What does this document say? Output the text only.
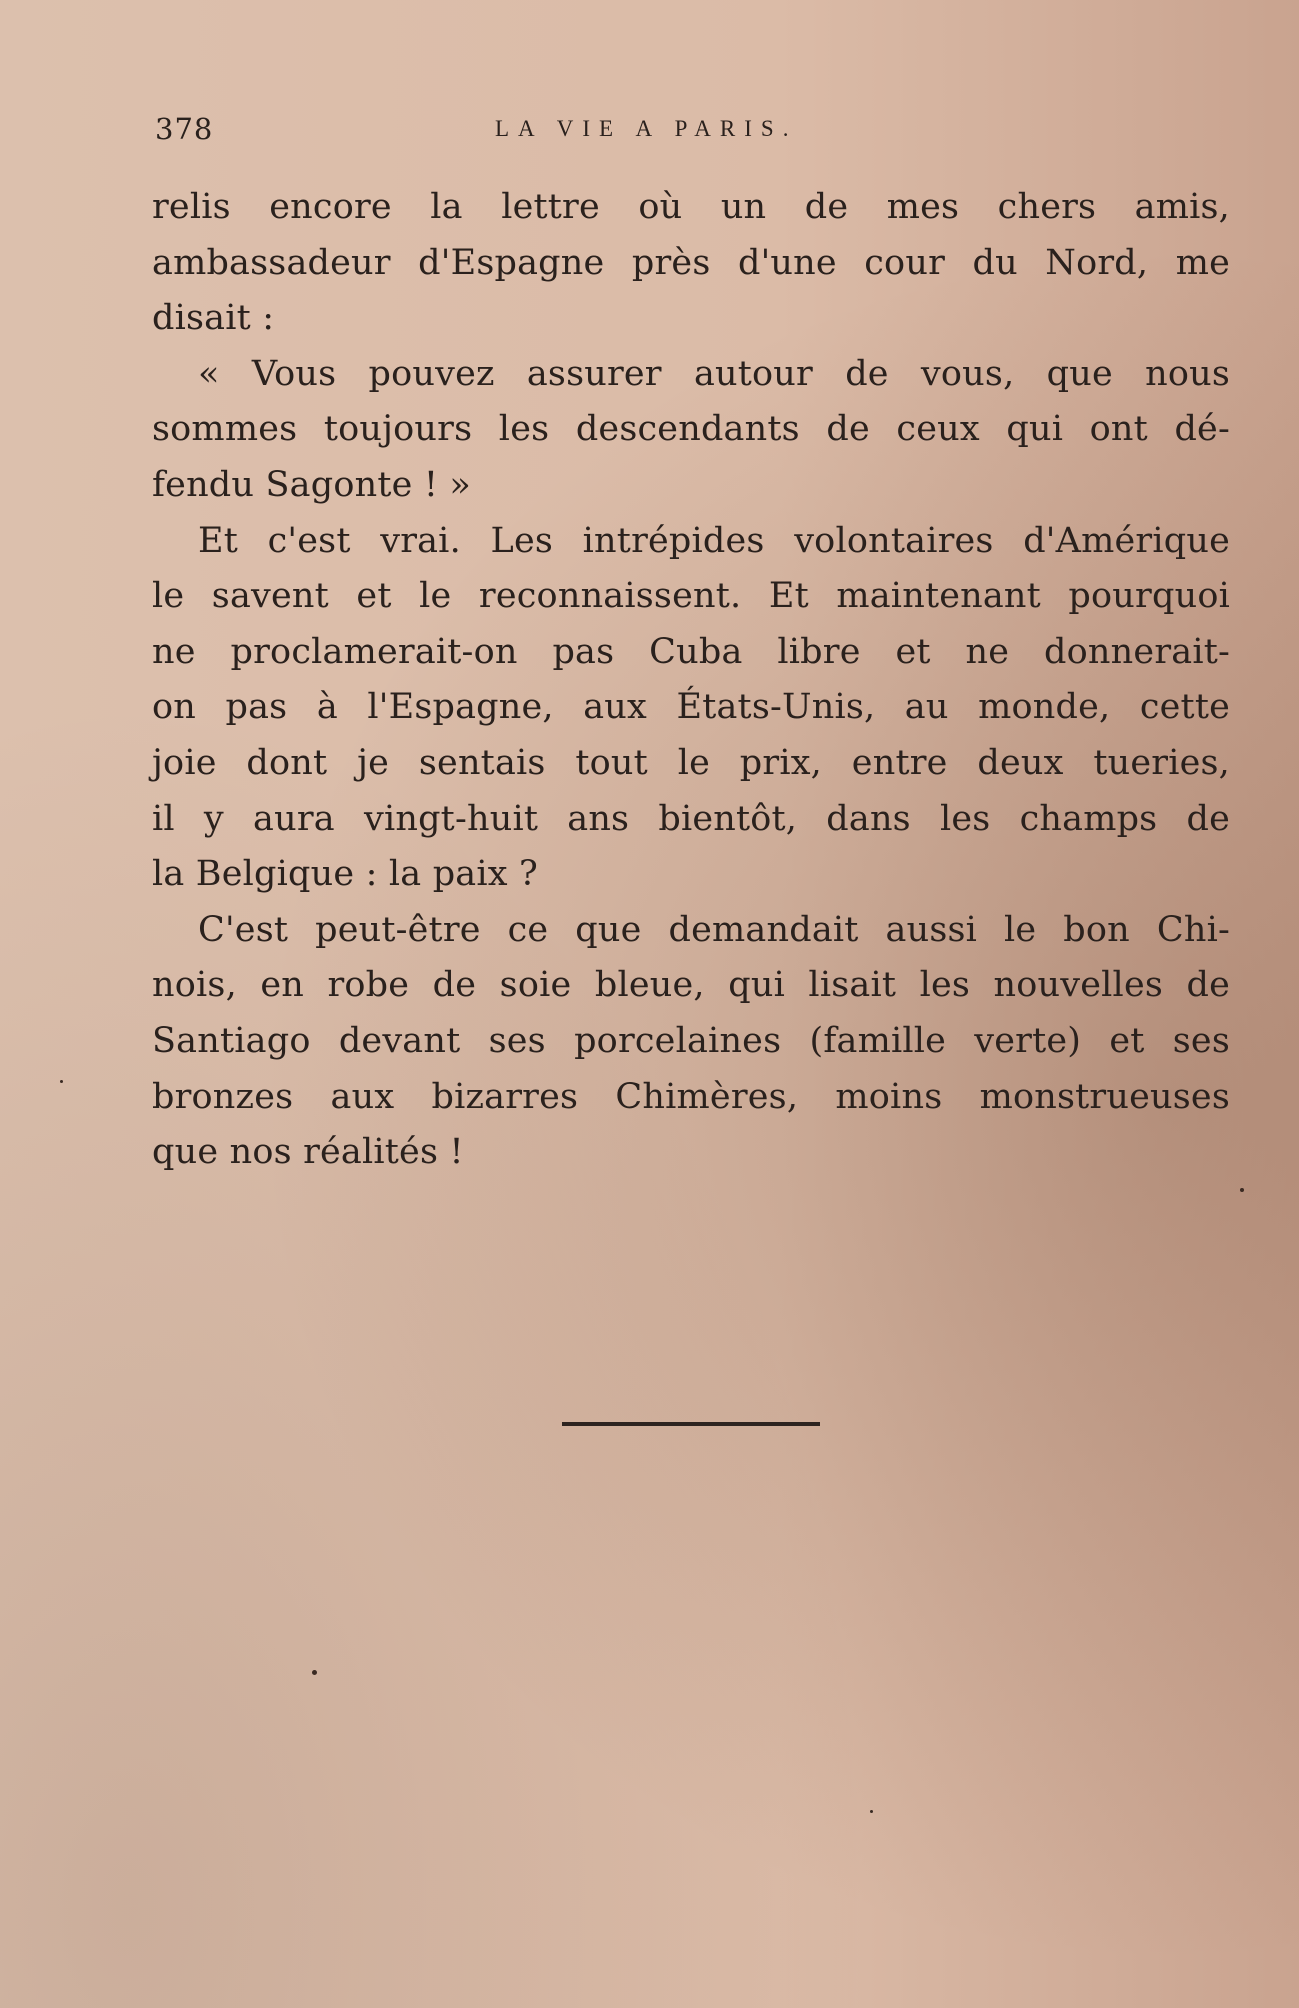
378	LA VIE A PARIS.
relis encore la lettre où un de mes chers amis,
ambassadeur d'Espagne près d'une cour du Nord, me
disait :
« Vous pouvez assurer autour de vous, que nous
sommes toujours les descendants de ceux qui ont dé-
fendu Sagonte ! »
Et c'est vrai. Les intrépides volontaires d'Amérique
le savent et le reconnaissent. Et maintenant pourquoi
ne proclamerait-on pas Cuba libre et ne donnerait-
on pas à l'Espagne, aux États-Unis, au monde, cette
joie dont je sentais tout le prix, entre deux tueries,
il y aura vingt-huit ans bientôt, dans les champs de
la Belgique : la paix ?
C'est peut-être ce que demandait aussi le bon Chi-
nois, en robe de soie bleue, qui lisait les nouvelles de
Santiago devant ses porcelaines (famille verte) et ses
bronzes aux bizarres Chimères, moins monstrueuses
que nos réalités !
